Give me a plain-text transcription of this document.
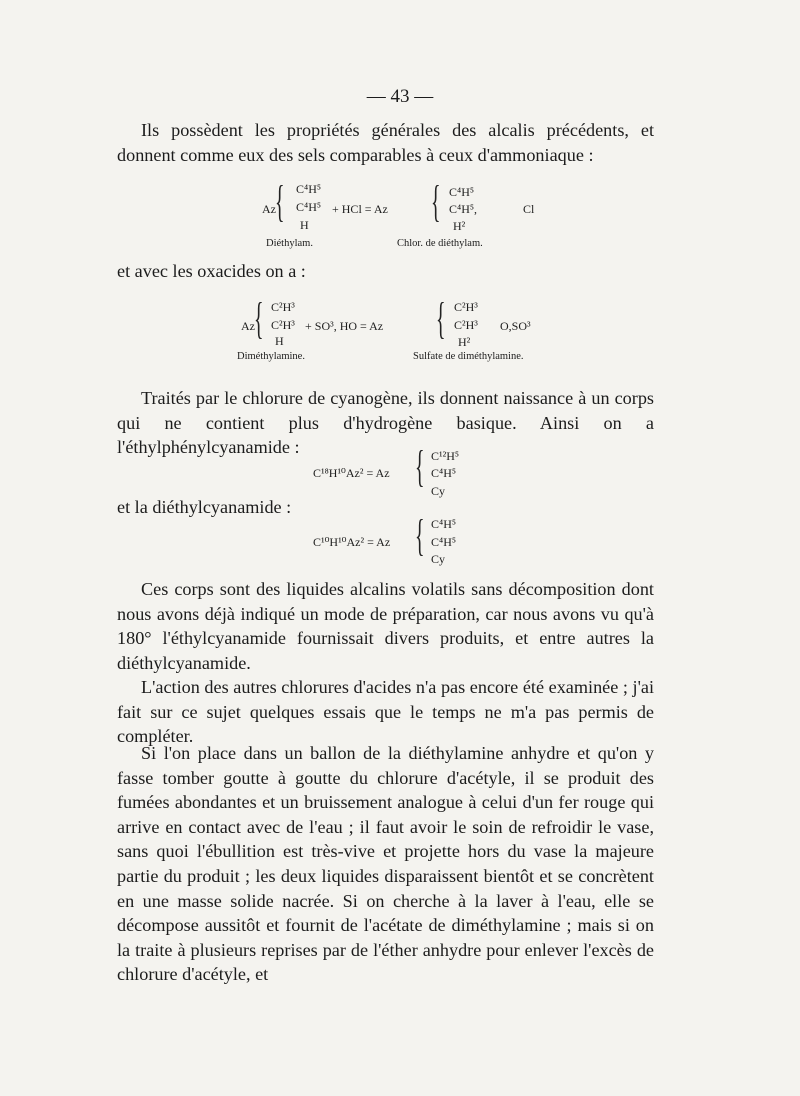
— 43 —

Ils possèdent les propriétés générales des alcalis précédents, et donnent comme eux des sels comparables à ceux d'ammoniaque :

Az { C⁴H⁵
C⁴H⁵
H
+ HCl = Az { C⁴H⁵
C⁴H⁵,
H²
Cl
Diéthylam.	Chlor. de diéthylam.

et avec les oxacides on a :

Az { C²H³
C²H³
H
+ SO³, HO = Az { C²H³
C²H³
H²
O,SO³
Diméthylamine.	Sulfate de diméthylamine.

Traités par le chlorure de cyanogène, ils donnent naissance à un corps qui ne contient plus d'hydrogène basique. Ainsi on a l'éthylphénylcyanamide :

C¹⁸H¹⁰Az² = Az { C¹²H⁵
C⁴H⁵
Cy

et la diéthylcyanamide :

C¹⁰H¹⁰Az² = Az { C⁴H⁵
C⁴H⁵
Cy

Ces corps sont des liquides alcalins volatils sans décomposition dont nous avons déjà indiqué un mode de préparation, car nous avons vu qu'à 180° l'éthylcyanamide fournissait divers produits, et entre autres la diéthylcyanamide.

L'action des autres chlorures d'acides n'a pas encore été examinée ; j'ai fait sur ce sujet quelques essais que le temps ne m'a pas permis de compléter.

Si l'on place dans un ballon de la diéthylamine anhydre et qu'on y fasse tomber goutte à goutte du chlorure d'acétyle, il se produit des fumées abondantes et un bruissement analogue à celui d'un fer rouge qui arrive en contact avec de l'eau ; il faut avoir le soin de refroidir le vase, sans quoi l'ébullition est très-vive et projette hors du vase la majeure partie du produit ; les deux liquides disparaissent bientôt et se concrètent en une masse solide nacrée. Si on cherche à la laver à l'eau, elle se décompose aussitôt et fournit de l'acétate de diméthylamine ; mais si on la traite à plusieurs reprises par de l'éther anhydre pour enlever l'excès de chlorure d'acétyle, et
